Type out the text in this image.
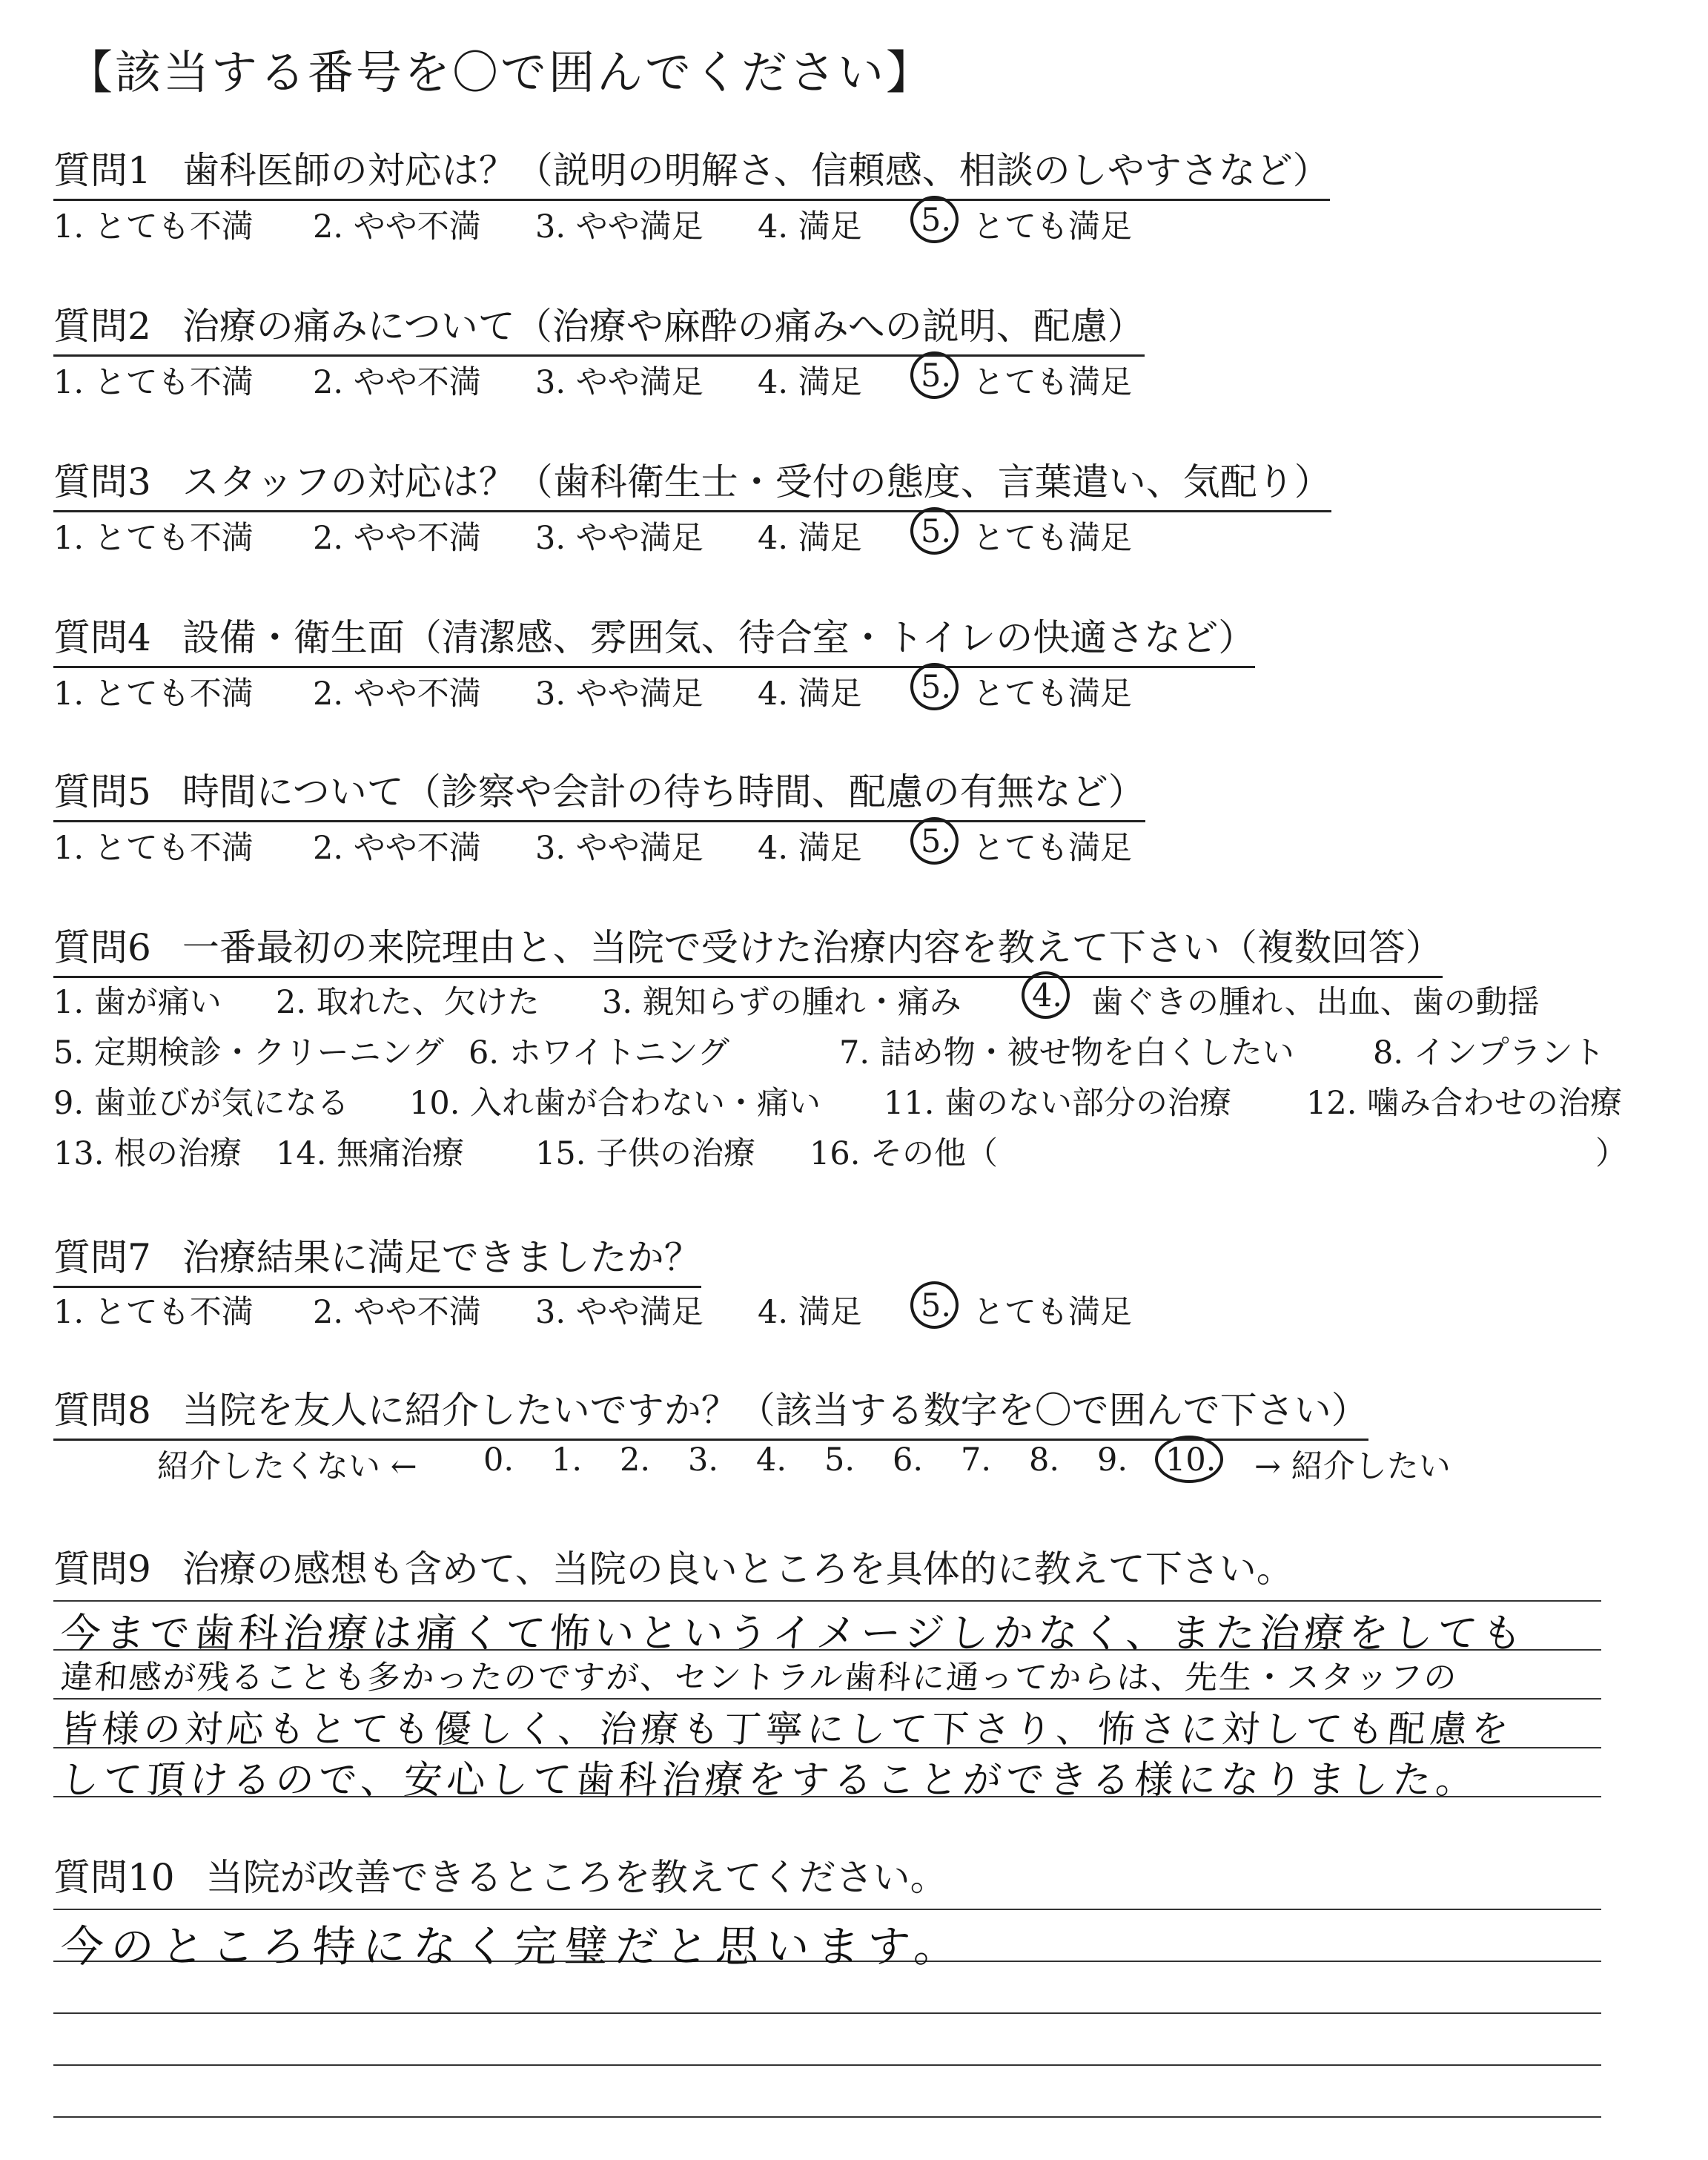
【該当する番号を〇で囲んでください】
質問1 歯科医師の対応は？（説明の明解さ、信頼感、相談のしやすさなど）
1. とても不満 2. やや不満 3. やや満足 4. 満足 5. とても満足
質問2 治療の痛みについて（治療や麻酔の痛みへの説明、配慮）
1. とても不満 2. やや不満 3. やや満足 4. 満足 5. とても満足
質問3 スタッフの対応は？（歯科衛生士・受付の態度、言葉遣い、気配り）
1. とても不満 2. やや不満 3. やや満足 4. 満足 5. とても満足
質問4 設備・衛生面（清潔感、雰囲気、待合室・トイレの快適さなど）
1. とても不満 2. やや不満 3. やや満足 4. 満足 5. とても満足
質問5 時間について（診察や会計の待ち時間、配慮の有無など）
1. とても不満 2. やや不満 3. やや満足 4. 満足 5. とても満足
質問6 一番最初の来院理由と、当院で受けた治療内容を教えて下さい（複数回答）
1. 歯が痛い 2. 取れた、欠けた 3. 親知らずの腫れ・痛み 4. 歯ぐきの腫れ、出血、歯の動揺
5. 定期検診・クリーニング 6. ホワイトニング	7. 詰め物・被せ物を白くしたい 8. インプラント
9. 歯並びが気になる 10. 入れ歯が合わない・痛い 11. 歯のない部分の治療 12. 噛み合わせの治療
13. 根の治療 14. 無痛治療 15. 子供の治療 16. その他（	）
質問7 治療結果に満足できましたか？
1. とても不満 2. やや不満 3. やや満足 4. 満足 5. とても満足
質問8 当院を友人に紹介したいですか？（該当する数字を〇で囲んで下さい）
紹介したくない ← 0. 1. 2. 3. 4. 5. 6. 7. 8. 9. 10. → 紹介したい
質問9 治療の感想も含めて、当院の良いところを具体的に教えて下さい。
今まで歯科治療は痛くて怖いというイメージしかなく、また治療をしても
違和感が残ることも多かったのですが、セントラル歯科に通ってからは、先生・スタッフの
皆様の対応もとても優しく、治療も丁寧にして下さり、怖さに対しても配慮を
して頂けるので、安心して歯科治療をすることができる様になりました。
質問10 当院が改善できるところを教えてください。
今のところ特になく完璧だと思います。
